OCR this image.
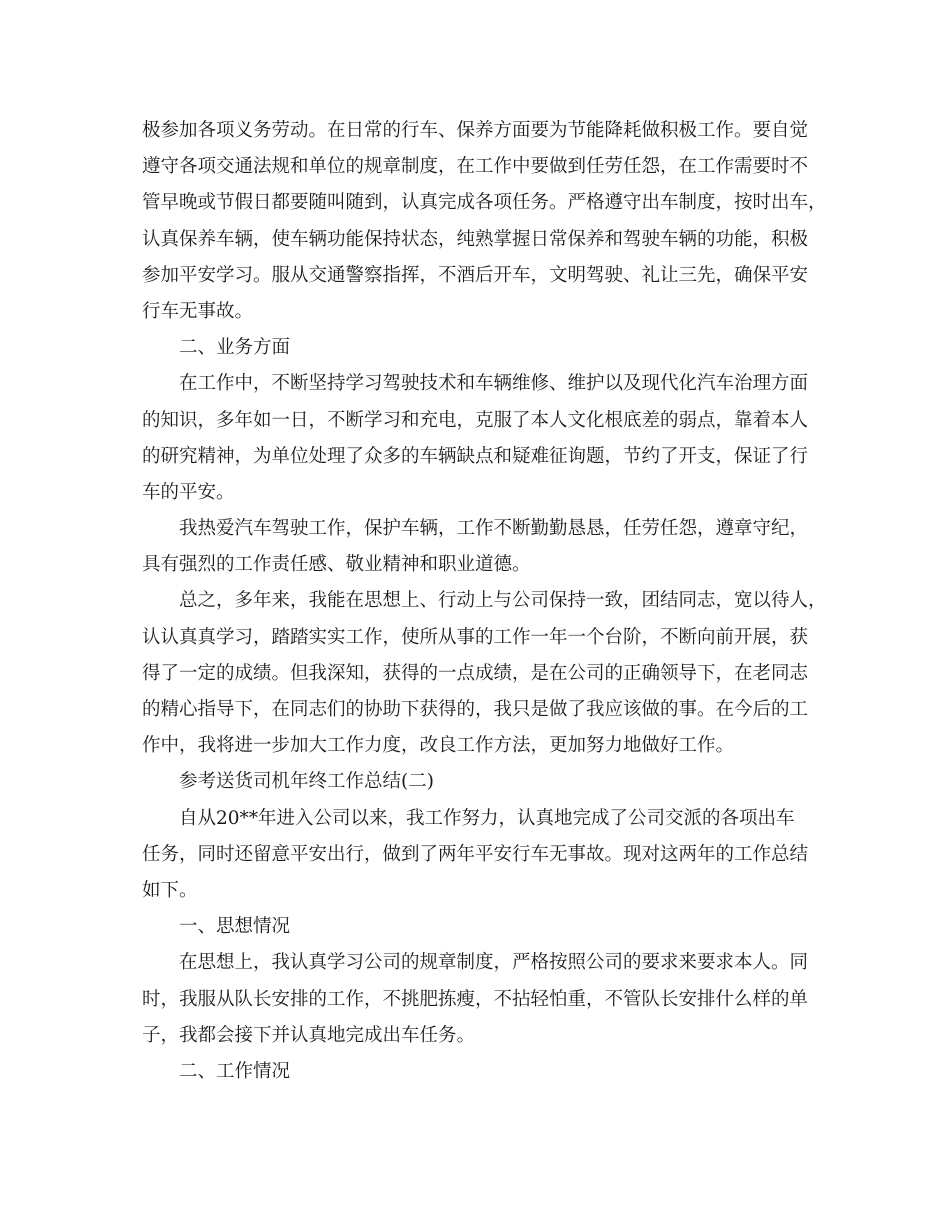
极参加各项义务劳动。在日常的行车、保养方面要为节能降耗做积极工作。要自觉
遵守各项交通法规和单位的规章制度，在工作中要做到任劳任怨，在工作需要时不
管早晚或节假日都要随叫随到，认真完成各项任务。严格遵守出车制度，按时出车，
认真保养车辆，使车辆功能保持状态，纯熟掌握日常保养和驾驶车辆的功能，积极
参加平安学习。服从交通警察指挥，不酒后开车，文明驾驶、礼让三先，确保平安
行车无事故。
二、业务方面
在工作中，不断坚持学习驾驶技术和车辆维修、维护以及现代化汽车治理方面
的知识，多年如一日，不断学习和充电，克服了本人文化根底差的弱点，靠着本人
的研究精神，为单位处理了众多的车辆缺点和疑难征询题，节约了开支，保证了行
车的平安。
我热爱汽车驾驶工作，保护车辆，工作不断勤勤恳恳，任劳任怨，遵章守纪，
具有强烈的工作责任感、敬业精神和职业道德。
总之，多年来，我能在思想上、行动上与公司保持一致，团结同志，宽以待人，
认认真真学习，踏踏实实工作，使所从事的工作一年一个台阶，不断向前开展，获
得了一定的成绩。但我深知，获得的一点成绩，是在公司的正确领导下，在老同志
的精心指导下，在同志们的协助下获得的，我只是做了我应该做的事。在今后的工
作中，我将进一步加大工作力度，改良工作方法，更加努力地做好工作。
参考送货司机年终工作总结(二)
自从20**年进入公司以来，我工作努力，认真地完成了公司交派的各项出车
任务，同时还留意平安出行，做到了两年平安行车无事故。现对这两年的工作总结
如下。
一、思想情况
在思想上，我认真学习公司的规章制度，严格按照公司的要求来要求本人。同
时，我服从队长安排的工作，不挑肥拣瘦，不拈轻怕重，不管队长安排什么样的单
子，我都会接下并认真地完成出车任务。
二、工作情况
